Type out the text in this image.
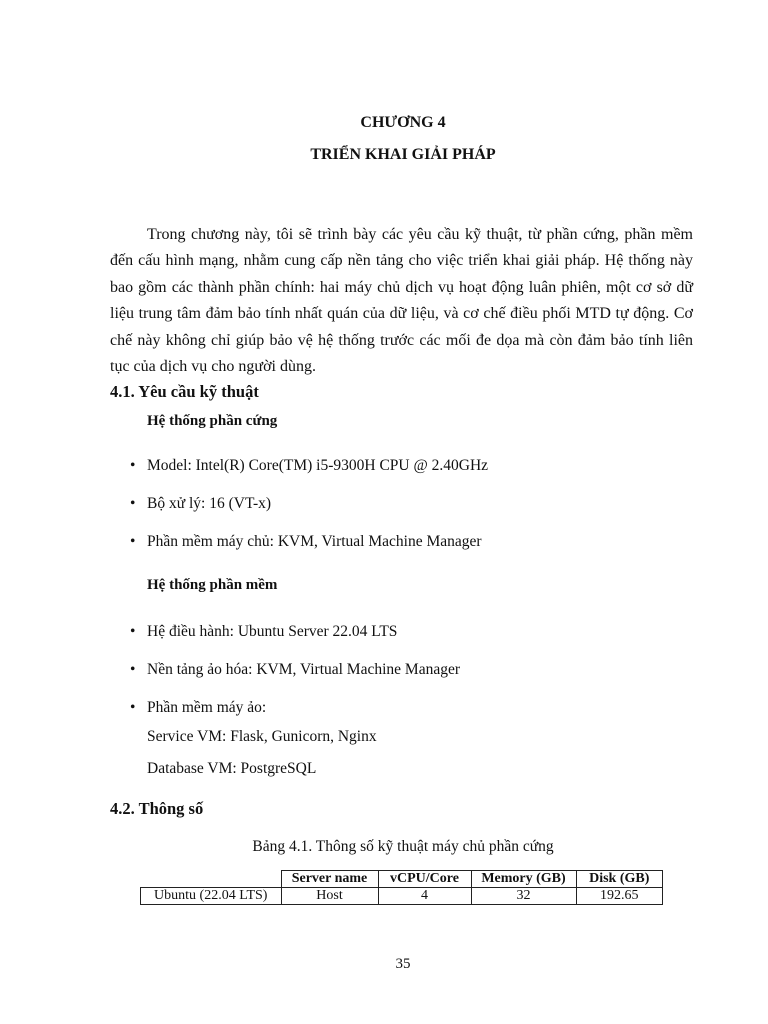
CHƯƠNG 4
TRIỂN KHAI GIẢI PHÁP

Trong chương này, tôi sẽ trình bày các yêu cầu kỹ thuật, từ phần cứng, phần mềm đến cấu hình mạng, nhằm cung cấp nền tảng cho việc triển khai giải pháp. Hệ thống này bao gồm các thành phần chính: hai máy chủ dịch vụ hoạt động luân phiên, một cơ sở dữ liệu trung tâm đảm bảo tính nhất quán của dữ liệu, và cơ chế điều phối MTD tự động. Cơ chế này không chỉ giúp bảo vệ hệ thống trước các mối đe dọa mà còn đảm bảo tính liên tục của dịch vụ cho người dùng.

4.1. Yêu cầu kỹ thuật
Hệ thống phần cứng
• Model: Intel(R) Core(TM) i5-9300H CPU @ 2.40GHz
• Bộ xử lý: 16 (VT-x)
• Phần mềm máy chủ: KVM, Virtual Machine Manager
Hệ thống phần mềm
• Hệ điều hành: Ubuntu Server 22.04 LTS
• Nền tảng ảo hóa: KVM, Virtual Machine Manager
• Phần mềm máy ảo:

Service VM: Flask, Gunicorn, Nginx

Database VM: PostgreSQL

4.2. Thông số

Bảng 4.1. Thông số kỹ thuật máy chủ phần cứng

	Server name	vCPU/Core	Memory (GB)	Disk (GB)
Ubuntu (22.04 LTS)	Host	4	32	192.65
35
